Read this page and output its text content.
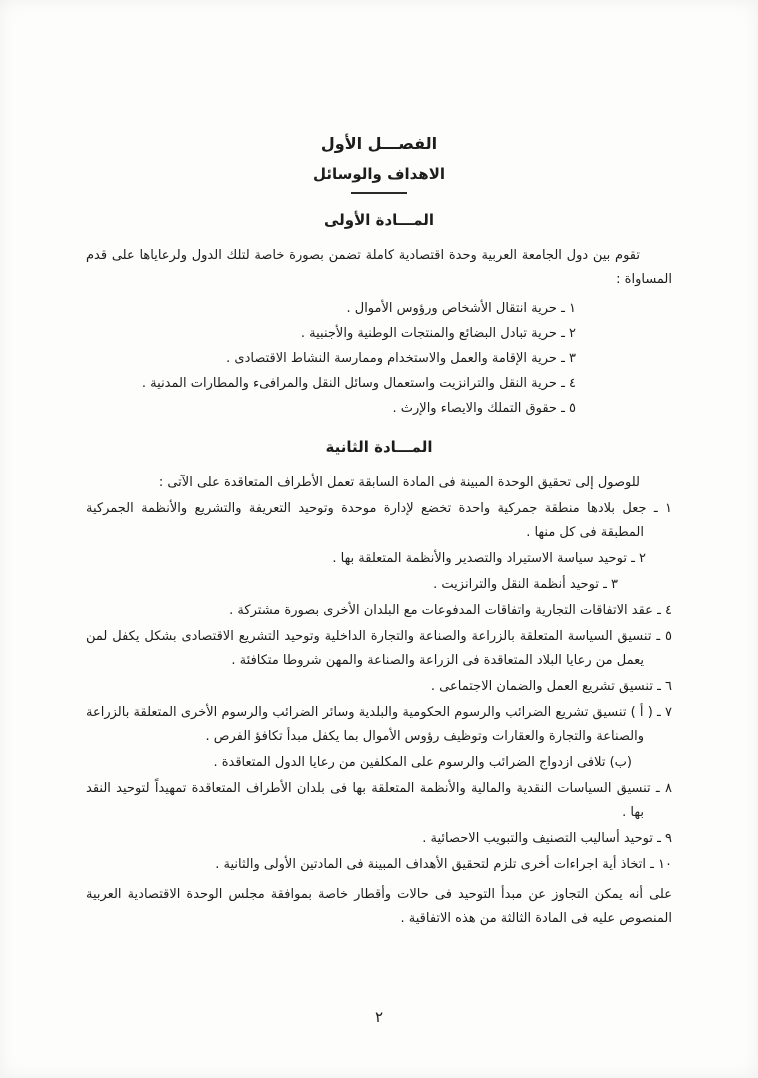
الفصـــل الأول
الاهداف والوسائل
المـــادة الأولى

تقوم بين دول الجامعة العربية وحدة اقتصادية كاملة تضمن بصورة خاصة لتلك الدول ولرعاياها على قدم المساواة :

١ ـ حرية انتقال الأشخاص ورؤوس الأموال .

٢ ـ حرية تبادل البضائع والمنتجات الوطنية والأجنبية .

٣ ـ حرية الإقامة والعمل والاستخدام وممارسة النشاط الاقتصادى .

٤ ـ حرية النقل والترانزيت واستعمال وسائل النقل والمرافىء والمطارات المدنية .

٥ ـ حقوق التملك والايصاء والإرث .

المـــادة الثانية

للوصول إلى تحقيق الوحدة المبينة فى المادة السابقة تعمل الأطراف المتعاقدة على الآتى :

١ ـ جعل بلادها منطقة جمركية واحدة تخضع لإدارة موحدة وتوحيد التعريفة والتشريع والأنظمة الجمركية المطبقة فى كل منها .

٢ ـ توحيد سياسة الاستيراد والتصدير والأنظمة المتعلقة بها .

٣ ـ توحيد أنظمة النقل والترانزيت .

٤ ـ عقد الاتفاقات التجارية واتفاقات المدفوعات مع البلدان الأخرى بصورة مشتركة .

٥ ـ تنسيق السياسة المتعلقة بالزراعة والصناعة والتجارة الداخلية وتوحيد التشريع الاقتصادى بشكل يكفل لمن يعمل من رعايا البلاد المتعاقدة فى الزراعة والصناعة والمهن شروطا متكافئة .

٦ ـ تنسيق تشريع العمل والضمان الاجتماعى .

٧ ـ ( أ ) تنسيق تشريع الضرائب والرسوم الحكومية والبلدية وسائر الضرائب والرسوم الأخرى المتعلقة بالزراعة والصناعة والتجارة والعقارات وتوظيف رؤوس الأموال بما يكفل مبدأ تكافؤ الفرص .

(ب) تلافى ازدواج الضرائب والرسوم على المكلفين من رعايا الدول المتعاقدة .

٨ ـ تنسيق السياسات النقدية والمالية والأنظمة المتعلقة بها فى بلدان الأطراف المتعاقدة تمهيداً لتوحيد النقد بها .

٩ ـ توحيد أساليب التصنيف والتبويب الاحصائية .

١٠ ـ اتخاذ أية اجراءات أخرى تلزم لتحقيق الأهداف المبينة فى المادتين الأولى والثانية .

على أنه يمكن التجاوز عن مبدأ التوحيد فى حالات وأقطار خاصة بموافقة مجلس الوحدة الاقتصادية العربية المنصوص عليه فى المادة الثالثة من هذه الاتفاقية .

٢
